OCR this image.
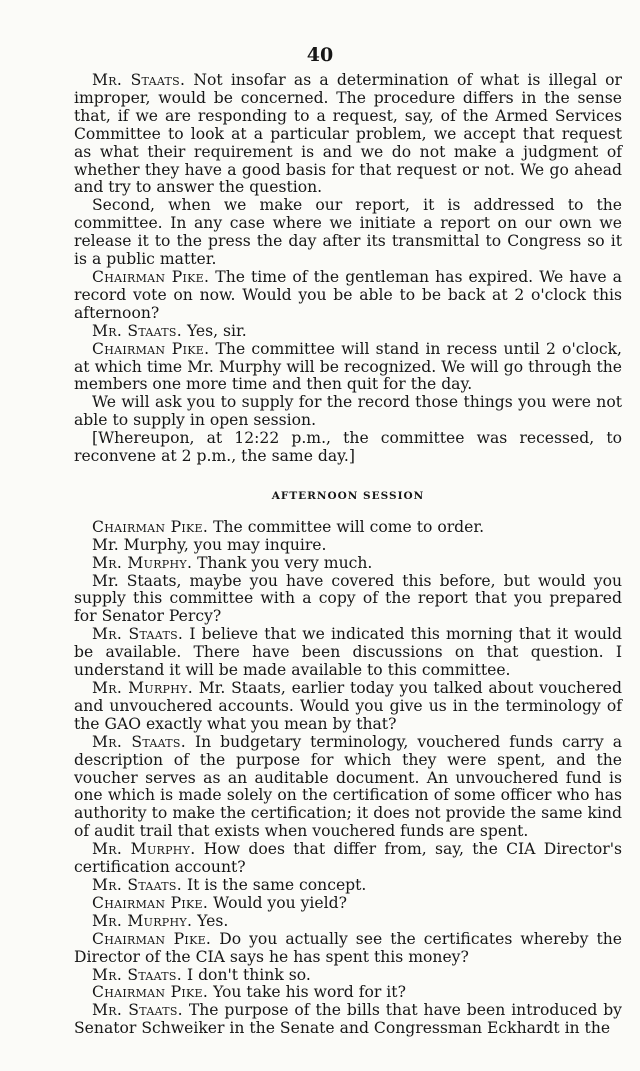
40

Mr. Staats. Not insofar as a determination of what is illegal or improper, would be concerned. The procedure differs in the sense that, if we are responding to a request, say, of the Armed Services Committee to look at a particular problem, we accept that request as what their requirement is and we do not make a judgment of whether they have a good basis for that request or not. We go ahead and try to answer the question.

Second, when we make our report, it is addressed to the committee. In any case where we initiate a report on our own we release it to the press the day after its transmittal to Congress so it is a public matter.

Chairman Pike. The time of the gentleman has expired. We have a record vote on now. Would you be able to be back at 2 o'clock this afternoon?

Mr. Staats. Yes, sir.

Chairman Pike. The committee will stand in recess until 2 o'clock, at which time Mr. Murphy will be recognized. We will go through the members one more time and then quit for the day.

We will ask you to supply for the record those things you were not able to supply in open session.

[Whereupon, at 12:22 p.m., the committee was recessed, to reconvene at 2 p.m., the same day.]

AFTERNOON SESSION

Chairman Pike. The committee will come to order.

Mr. Murphy, you may inquire.

Mr. Murphy. Thank you very much.

Mr. Staats, maybe you have covered this before, but would you supply this committee with a copy of the report that you prepared for Senator Percy?

Mr. Staats. I believe that we indicated this morning that it would be available. There have been discussions on that question. I understand it will be made available to this committee.

Mr. Murphy. Mr. Staats, earlier today you talked about vouchered and unvouchered accounts. Would you give us in the terminology of the GAO exactly what you mean by that?

Mr. Staats. In budgetary terminology, vouchered funds carry a description of the purpose for which they were spent, and the voucher serves as an auditable document. An unvouchered fund is one which is made solely on the certification of some officer who has authority to make the certification; it does not provide the same kind of audit trail that exists when vouchered funds are spent.

Mr. Murphy. How does that differ from, say, the CIA Director's certification account?

Mr. Staats. It is the same concept.

Chairman Pike. Would you yield?

Mr. Murphy. Yes.

Chairman Pike. Do you actually see the certificates whereby the Director of the CIA says he has spent this money?

Mr. Staats. I don't think so.

Chairman Pike. You take his word for it?

Mr. Staats. The purpose of the bills that have been introduced by Senator Schweiker in the Senate and Congressman Eckhardt in the
